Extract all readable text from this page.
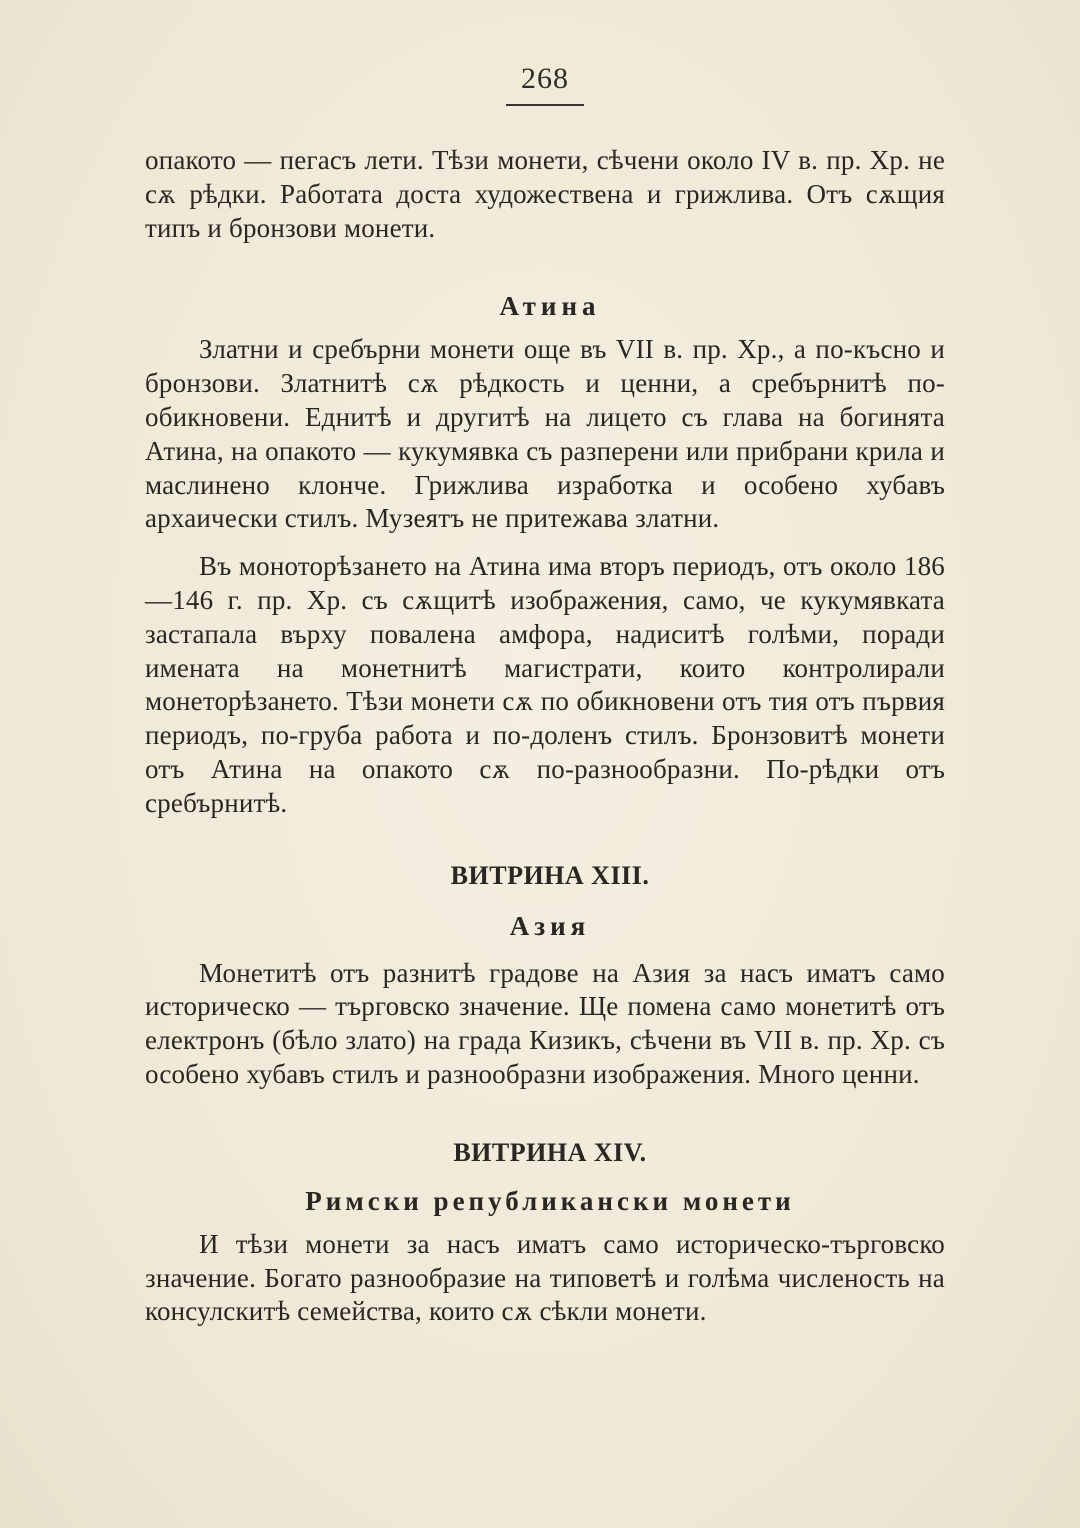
268

опакото — пегасъ лети. Тѣзи монети, сѣчени около IV в. пр. Хр. не сѫ рѣдки. Работата доста художествена и грижлива. Отъ сѫщия типъ и бронзови монети.

Атина

Златни и сребърни монети още въ VII в. пр. Хр., а по-късно и бронзови. Златнитѣ сѫ рѣдкость и ценни, а сребърнитѣ по-обикновени. Еднитѣ и другитѣ на лицето съ глава на богинята Атина, на опакото — кукумявка съ разперени или прибрани крила и маслинено клонче. Грижлива изработка и особено хубавъ архаически стилъ. Музеятъ не притежава златни.

Въ моноторѣзането на Атина има вторъ периодъ, отъ около 186—146 г. пр. Хр. съ сѫщитѣ изображения, само, че кукумявката застапала върху повалена амфора, надиситѣ голѣми, поради имената на монетнитѣ магистрати, които контролирали монеторѣзането. Тѣзи монети сѫ по обикновени отъ тия отъ първия периодъ, по-груба работа и по-доленъ стилъ. Бронзовитѣ монети отъ Атина на опакото сѫ по-разнообразни. По-рѣдки отъ сребърнитѣ.

ВИТРИНА XIII.
Азия

Монетитѣ отъ разнитѣ градове на Азия за насъ иматъ само историческо — търговско значение. Ще помена само монетитѣ отъ електронъ (бѣло злато) на града Кизикъ, сѣчени въ VII в. пр. Хр. съ особено хубавъ стилъ и разнообразни изображения. Много ценни.

ВИТРИНА XIV.
Римски републикански монети

И тѣзи монети за насъ иматъ само историческо-търговско значение. Богато разнообразие на типоветѣ и голѣма численость на консулскитѣ семейства, които сѫ сѣкли монети.
